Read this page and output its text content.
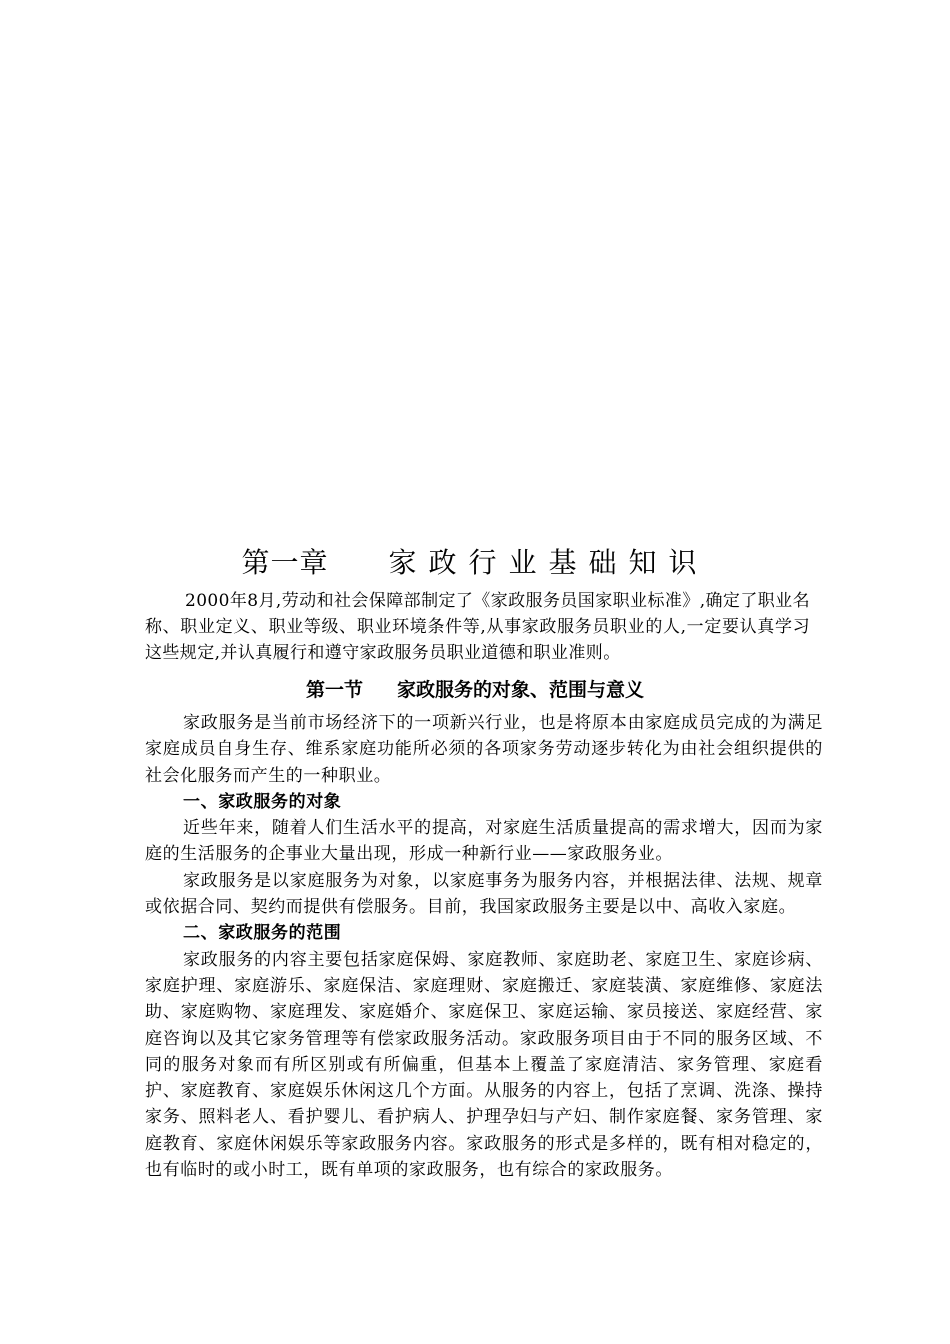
第一章 家政行业基础知识

2000年8月,劳动和社会保障部制定了《家政服务员国家职业标准》,确定了职业名称、职业定义、职业等级、职业环境条件等,从事家政服务员职业的人,一定要认真学习这些规定,并认真履行和遵守家政服务员职业道德和职业准则。

第一节 家政服务的对象、范围与意义

家政服务是当前市场经济下的一项新兴行业，也是将原本由家庭成员完成的为满足家庭成员自身生存、维系家庭功能所必须的各项家务劳动逐步转化为由社会组织提供的社会化服务而产生的一种职业。

一、家政服务的对象

近些年来，随着人们生活水平的提高，对家庭生活质量提高的需求增大，因而为家庭的生活服务的企事业大量出现，形成一种新行业——家政服务业。

家政服务是以家庭服务为对象，以家庭事务为服务内容，并根据法律、法规、规章或依据合同、契约而提供有偿服务。目前，我国家政服务主要是以中、高收入家庭。

二、家政服务的范围

家政服务的内容主要包括家庭保姆、家庭教师、家庭助老、家庭卫生、家庭诊病、家庭护理、家庭游乐、家庭保洁、家庭理财、家庭搬迁、家庭装潢、家庭维修、家庭法助、家庭购物、家庭理发、家庭婚介、家庭保卫、家庭运输、家员接送、家庭经营、家庭咨询以及其它家务管理等有偿家政服务活动。家政服务项目由于不同的服务区域、不同的服务对象而有所区别或有所偏重，但基本上覆盖了家庭清洁、家务管理、家庭看护、家庭教育、家庭娱乐休闲这几个方面。从服务的内容上，包括了烹调、洗涤、操持家务、照料老人、看护婴儿、看护病人、护理孕妇与产妇、制作家庭餐、家务管理、家庭教育、家庭休闲娱乐等家政服务内容。家政服务的形式是多样的，既有相对稳定的，也有临时的或小时工，既有单项的家政服务，也有综合的家政服务。
